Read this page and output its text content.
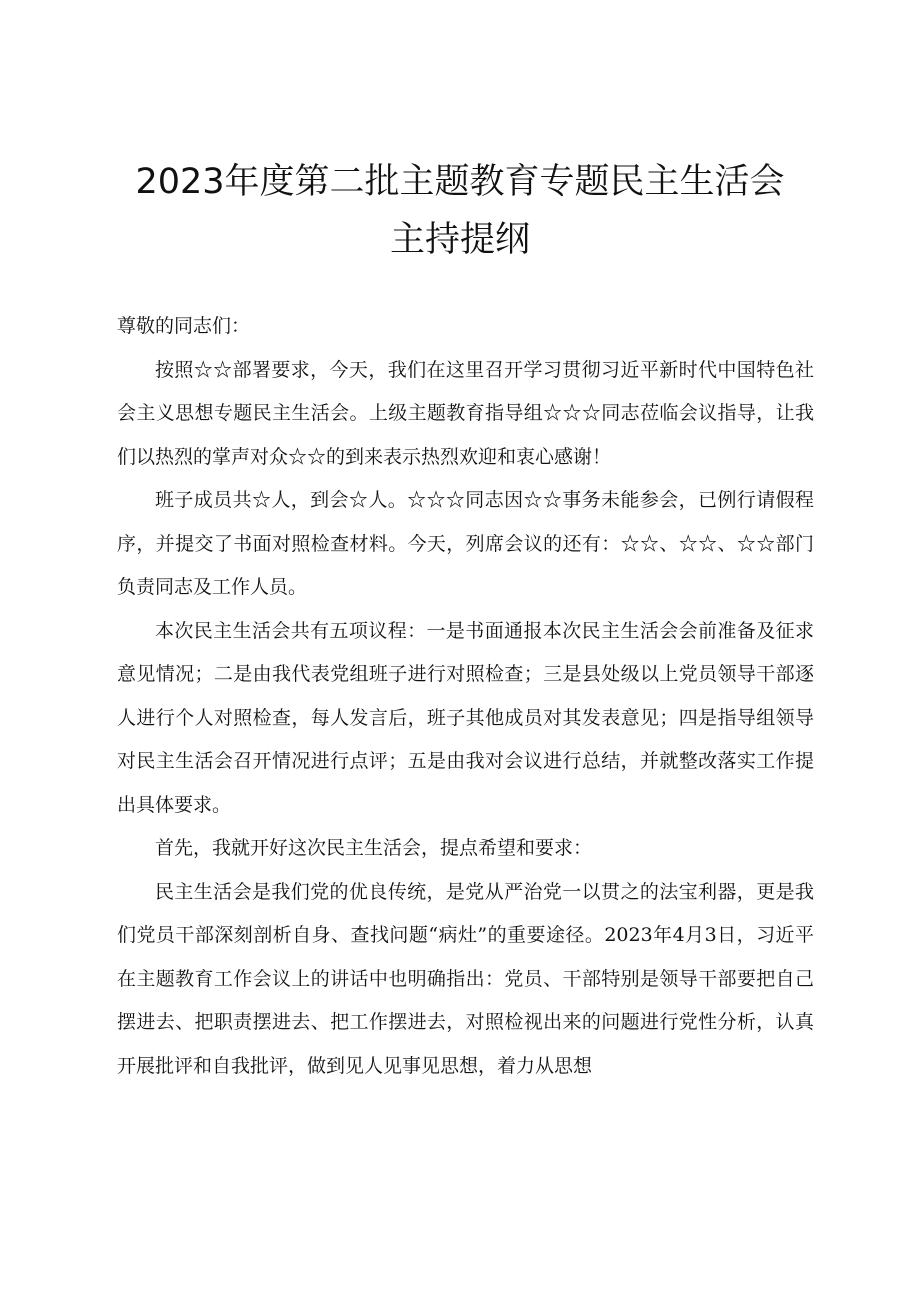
2023年度第二批主题教育专题民主生活会
主持提纲

尊敬的同志们：

按照☆☆部署要求，今天，我们在这里召开学习贯彻习近平新时代中国特色社会主义思想专题民主生活会。上级主题教育指导组☆☆☆同志莅临会议指导，让我们以热烈的掌声对众☆☆的到来表示热烈欢迎和衷心感谢！

班子成员共☆人，到会☆人。☆☆☆同志因☆☆事务未能参会，已例行请假程序，并提交了书面对照检查材料。今天，列席会议的还有：☆☆、☆☆、☆☆部门负责同志及工作人员。

本次民主生活会共有五项议程：一是书面通报本次民主生活会会前准备及征求意见情况；二是由我代表党组班子进行对照检查；三是县处级以上党员领导干部逐人进行个人对照检查，每人发言后，班子其他成员对其发表意见；四是指导组领导对民主生活会召开情况进行点评；五是由我对会议进行总结，并就整改落实工作提出具体要求。

首先，我就开好这次民主生活会，提点希望和要求：

民主生活会是我们党的优良传统，是党从严治党一以贯之的法宝利器，更是我们党员干部深刻剖析自身、查找问题“病灶”的重要途径。2023年4月3日，习近平在主题教育工作会议上的讲话中也明确指出：党员、干部特别是领导干部要把自己摆进去、把职责摆进去、把工作摆进去，对照检视出来的问题进行党性分析，认真开展批评和自我批评，做到见人见事见思想，着力从思想
